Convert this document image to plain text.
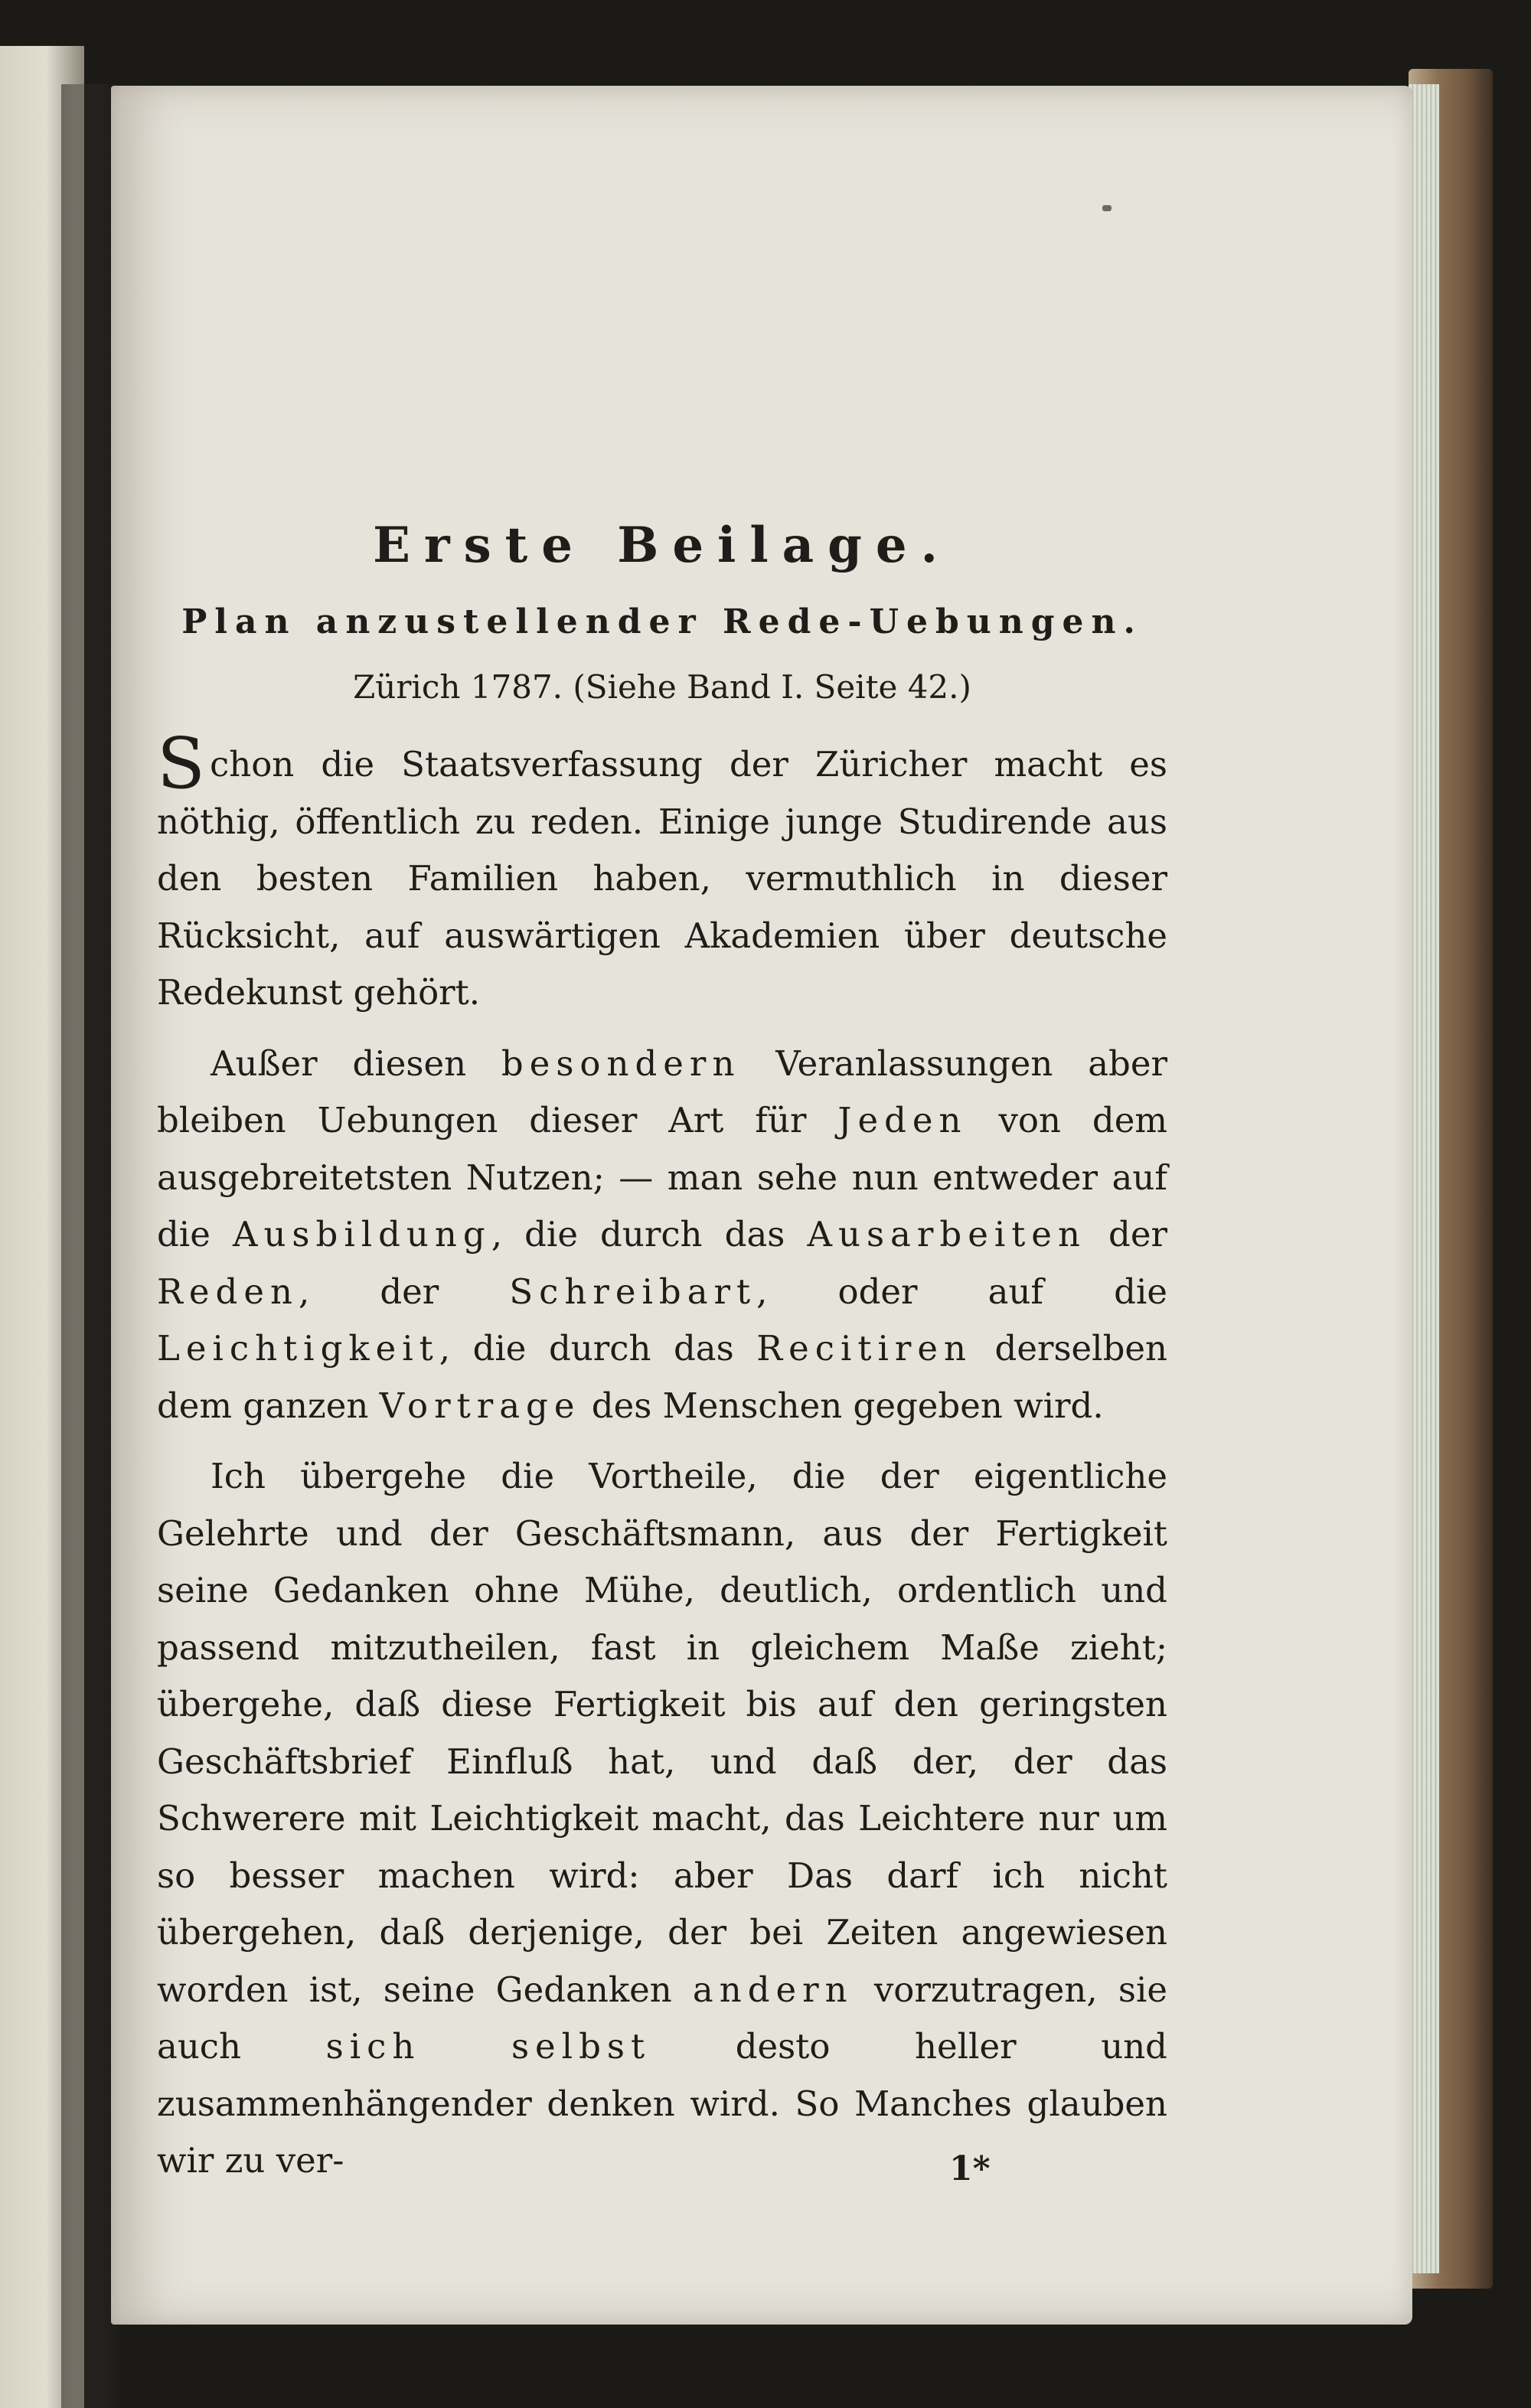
Erste Beilage.
Plan anzustellender Rede-Uebungen.

Zürich 1787. (Siehe Band I. Seite 42.)

Schon die Staatsverfassung der Züricher macht es nöthig, öffentlich zu reden. Einige junge Studirende aus den besten Familien haben, vermuthlich in dieser Rücksicht, auf auswärtigen Akademien über deutsche Redekunst gehört.

Außer diesen besondern Veranlassungen aber bleiben Uebungen dieser Art für Jeden von dem ausgebreitetsten Nutzen; — man sehe nun entweder auf die Ausbildung, die durch das Ausarbeiten der Reden, der Schreibart, oder auf die Leichtigkeit, die durch das Recitiren derselben dem ganzen Vortrage des Menschen gegeben wird.

Ich übergehe die Vortheile, die der eigentliche Gelehrte und der Geschäftsmann, aus der Fertigkeit seine Gedanken ohne Mühe, deutlich, ordentlich und passend mitzutheilen, fast in gleichem Maße zieht; übergehe, daß diese Fertigkeit bis auf den geringsten Geschäftsbrief Einfluß hat, und daß der, der das Schwerere mit Leichtigkeit macht, das Leichtere nur um so besser machen wird: aber Das darf ich nicht übergehen, daß derjenige, der bei Zeiten angewiesen worden ist, seine Gedanken andern vorzutragen, sie auch sich selbst desto heller und zusammenhängender denken wird. So Manches glauben wir zu ver-	1*
